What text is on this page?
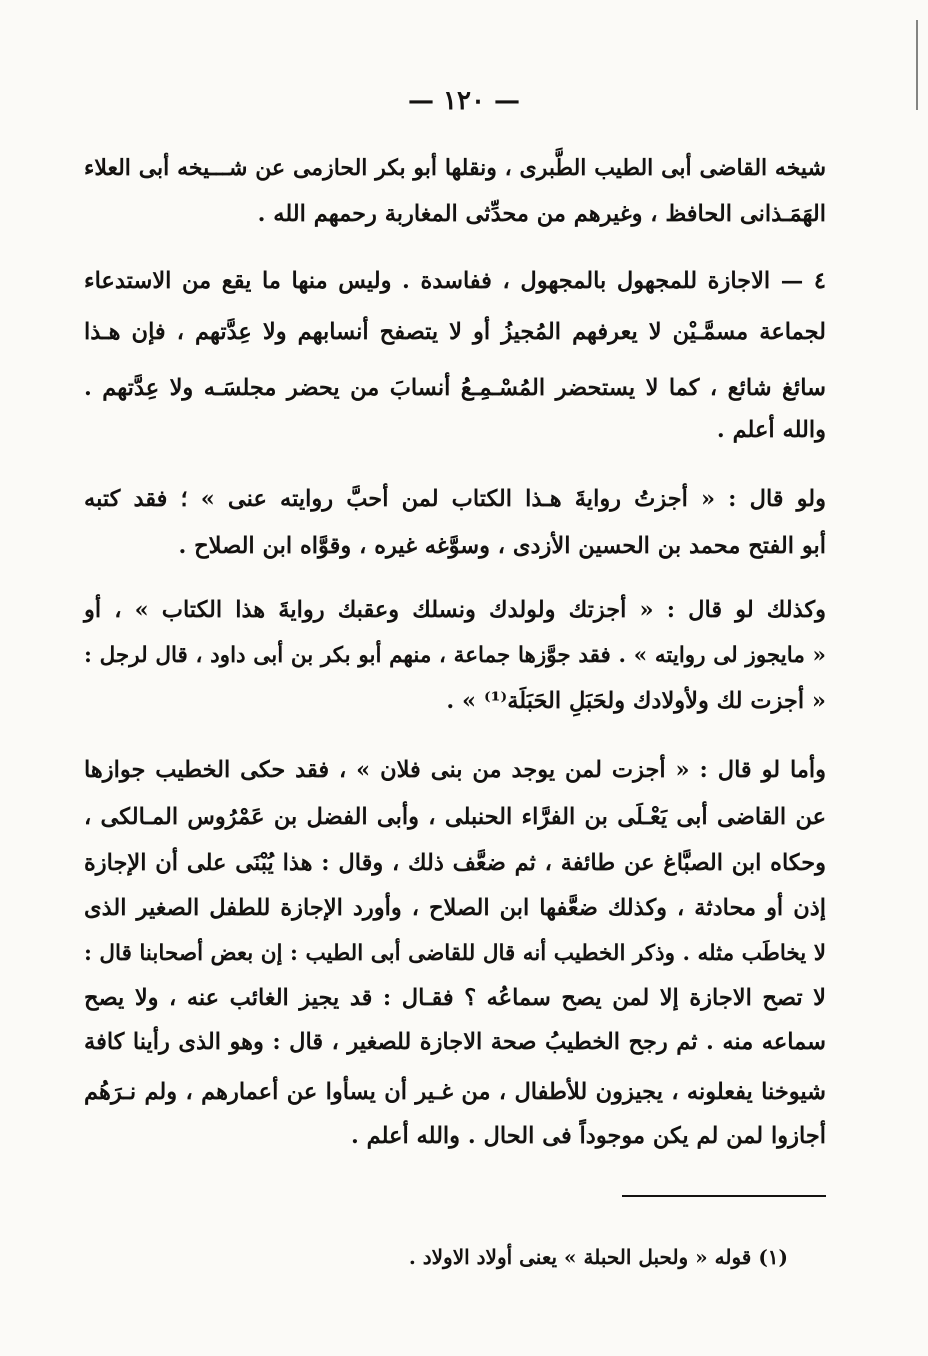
— ١٢٠ —
شيخه القاضى أبى الطيب الطَّبرى ، ونقلها أبو بكر الحازمى عن شـــيخه أبى العلاء
الهَمَـذانى الحافظ ، وغيرهم من محدِّثى المغاربة رحمهم الله .
٤ — الاجازة للمجهول بالمجهول ، ففاسدة . وليس منها ما يقع من الاستدعاء
لجماعة مسمَّـيْن لا يعرفهم المُجيزُ أو لا يتصفح أنسابهم ولا عِدَّتهم ، فإن هـذا
سائغ شائع ، كما لا يستحضر المُسْـمِـعُ أنسابَ من يحضر مجلسَـه ولا عِدَّتهم .
والله أعلم .
ولو قال : « أجزتُ روايةَ هـذا الكتاب لمن أحبَّ روايته عنى » ؛ فقد كتبه
أبو الفتح محمد بن الحسين الأزدى ، وسوَّغه غيره ، وقوَّاه ابن الصلاح .
وكذلك لو قال : « أجزتك ولولدك ونسلك وعقبك روايةَ هذا الكتاب » ، أو
« مايجوز لى روايته » . فقد جوَّزها جماعة ، منهم أبو بكر بن أبى داود ، قال لرجل :
« أجزت لك ولأولادك ولحَبَلِ الحَبَلَة⁽¹⁾ » .
وأما لو قال : « أجزت لمن يوجد من بنى فلان » ، فقد حكى الخطيب جوازها
عن القاضى أبى يَعْـلَى بن الفرَّاء الحنبلى ، وأبى الفضل بن عَمْرُوس المـالكى ،
وحكاه ابن الصبَّاغ عن طائفة ، ثم ضعَّف ذلك ، وقال : هذا يُبْنَى على أن الإجازة
إذن أو محادثة ، وكذلك ضعَّفها ابن الصلاح ، وأورد الإجازة للطفل الصغير الذى
لا يخاطَب مثله . وذكر الخطيب أنه قال للقاضى أبى الطيب : إن بعض أصحابنا قال :
لا تصح الاجازة إلا لمن يصح سماعُه ؟ فقـال : قد يجيز الغائب عنه ، ولا يصح
سماعه منه . ثم رجح الخطيبُ صحة الاجازة للصغير ، قال : وهو الذى رأينا كافة
شيوخنا يفعلونه ، يجيزون للأطفال ، من غـير أن يسأوا عن أعمارهم ، ولم نـرَهُم
أجازوا لمن لم يكن موجوداً فى الحال . والله أعلم .
(١) قوله « ولحبل الحبلة » يعنى أولاد الاولاد .
